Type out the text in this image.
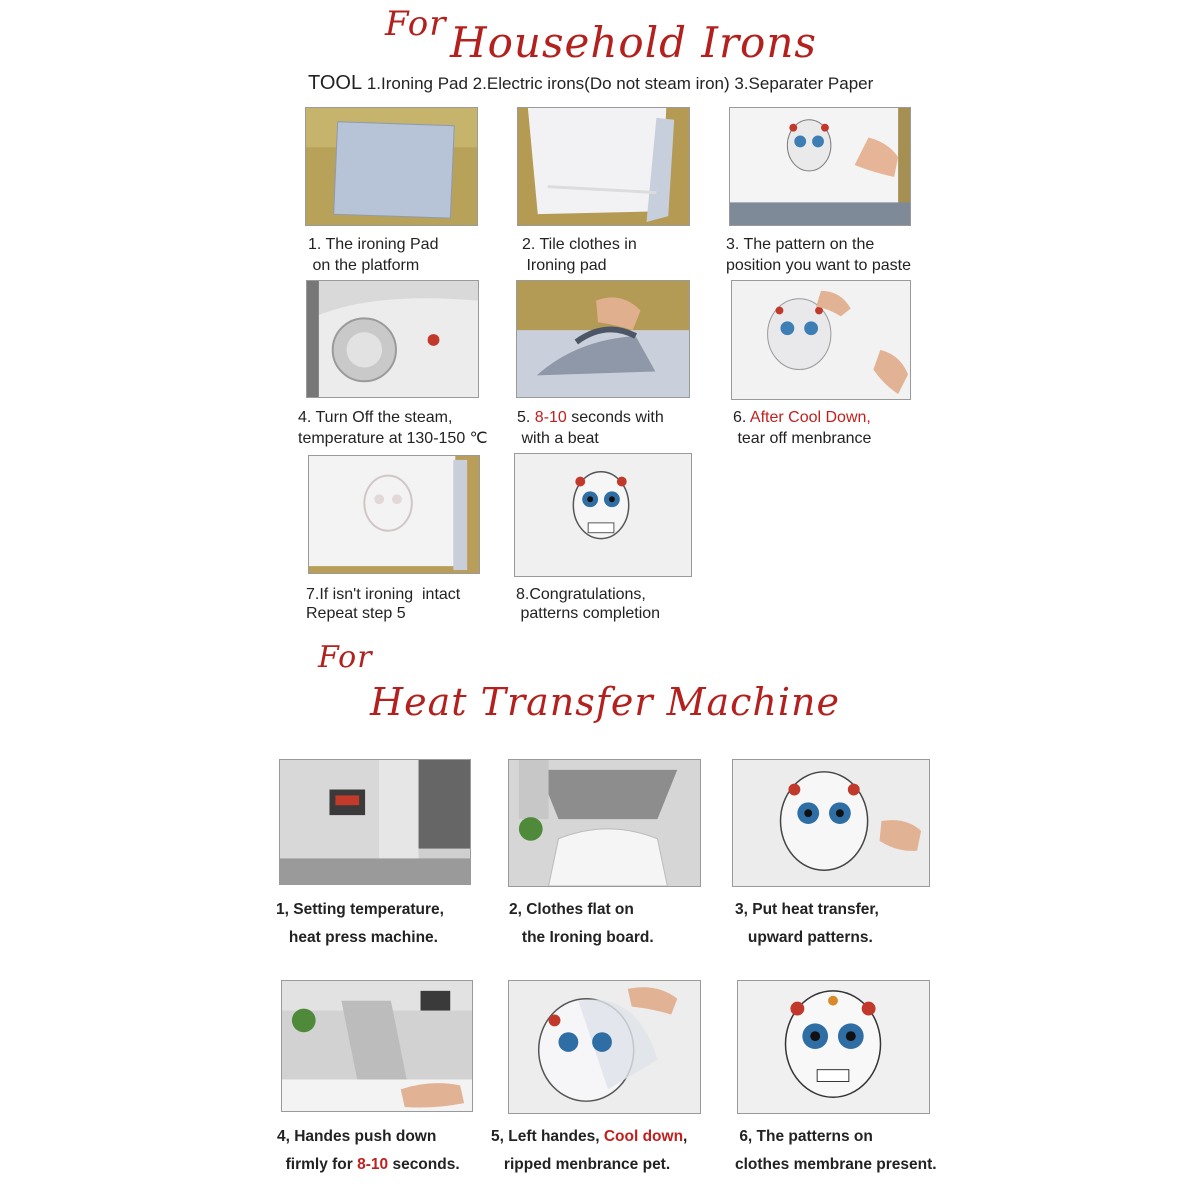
For Household Irons
TOOL 1.Ironing Pad 2.Electric irons(Do not steam iron) 3.Separater Paper
1. The ironing Pad
on the platform
2. Tile clothes in
Ironing pad
3. The pattern on the
position you want to paste
4. Turn Off the steam,
temperature at 130-150 ℃
5. 8-10 seconds with
with a beat
6. After Cool Down,
tear off menbrance
7.If isn't ironing  intact
Repeat step 5
8.Congratulations,
patterns completion
For
Heat Transfer Machine
1, Setting temperature,
heat press machine.
2, Clothes flat on
the Ironing board.
3, Put heat transfer,
upward patterns.
4, Handes push down
firmly for 8-10 seconds.
5, Left handes, Cool down,
ripped menbrance pet.
6, The patterns on
clothes membrane present.
